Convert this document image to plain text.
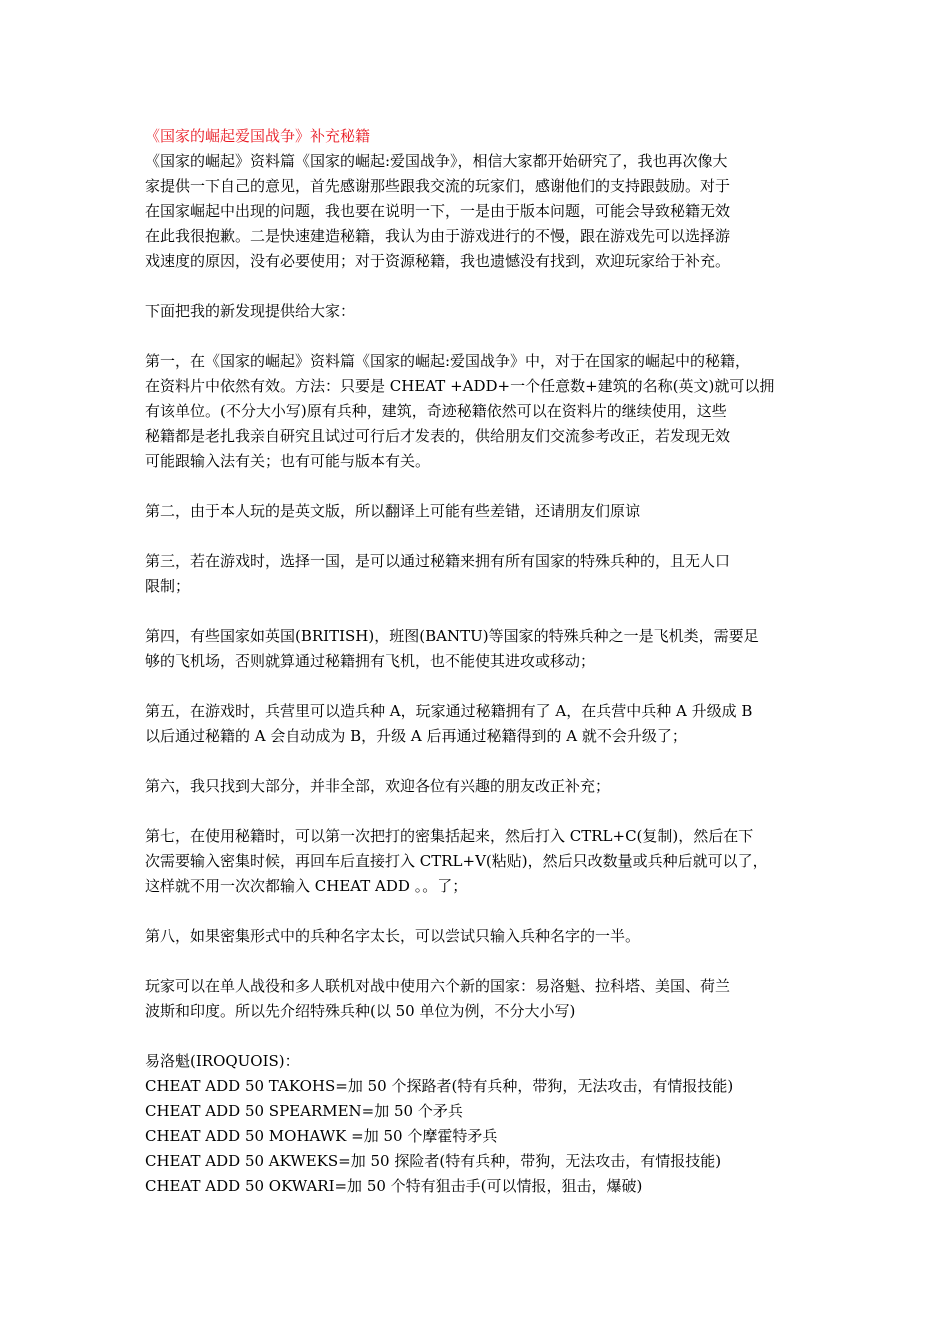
《国家的崛起爱国战争》补充秘籍
《国家的崛起》资料篇《国家的崛起:爱国战争》，相信大家都开始研究了，我也再次像大
家提供一下自己的意见，首先感谢那些跟我交流的玩家们，感谢他们的支持跟鼓励。对于
在国家崛起中出现的问题，我也要在说明一下，一是由于版本问题，可能会导致秘籍无效
在此我很抱歉。二是快速建造秘籍，我认为由于游戏进行的不慢，跟在游戏先可以选择游
戏速度的原因，没有必要使用；对于资源秘籍，我也遗憾没有找到，欢迎玩家给于补充。
下面把我的新发现提供给大家：
第一，在《国家的崛起》资料篇《国家的崛起:爱国战争》中，对于在国家的崛起中的秘籍，
在资料片中依然有效。方法：只要是 CHEAT +ADD+一个任意数+建筑的名称(英文)就可以拥
有该单位。(不分大小写)原有兵种，建筑，奇迹秘籍依然可以在资料片的继续使用，这些
秘籍都是老扎我亲自研究且试过可行后才发表的，供给朋友们交流参考改正，若发现无效
可能跟输入法有关；也有可能与版本有关。
第二，由于本人玩的是英文版，所以翻译上可能有些差错，还请朋友们原谅
第三，若在游戏时，选择一国，是可以通过秘籍来拥有所有国家的特殊兵种的，且无人口
限制；
第四，有些国家如英国(BRITISH)，班图(BANTU)等国家的特殊兵种之一是飞机类，需要足
够的飞机场，否则就算通过秘籍拥有飞机，也不能使其进攻或移动；
第五，在游戏时，兵营里可以造兵种 A，玩家通过秘籍拥有了 A，在兵营中兵种 A 升级成 B
以后通过秘籍的 A 会自动成为 B，升级 A 后再通过秘籍得到的 A 就不会升级了；
第六，我只找到大部分，并非全部，欢迎各位有兴趣的朋友改正补充；
第七，在使用秘籍时，可以第一次把打的密集括起来，然后打入 CTRL+C(复制)，然后在下
次需要输入密集时候，再回车后直接打入 CTRL+V(粘贴)，然后只改数量或兵种后就可以了，
这样就不用一次次都输入 CHEAT ADD 。。了；
第八，如果密集形式中的兵种名字太长，可以尝试只输入兵种名字的一半。
玩家可以在单人战役和多人联机对战中使用六个新的国家：易洛魁、拉科塔、美国、荷兰
波斯和印度。所以先介绍特殊兵种(以 50 单位为例，不分大小写)
易洛魁(IROQUOIS)：
CHEAT ADD 50 TAKOHS=加 50 个探路者(特有兵种，带狗，无法攻击，有情报技能)
CHEAT ADD 50 SPEARMEN=加 50 个矛兵
CHEAT ADD 50 MOHAWK =加 50 个摩霍特矛兵
CHEAT ADD 50 AKWEKS=加 50 探险者(特有兵种，带狗，无法攻击，有情报技能)
CHEAT ADD 50 OKWARI=加 50 个特有狙击手(可以情报，狙击，爆破)
